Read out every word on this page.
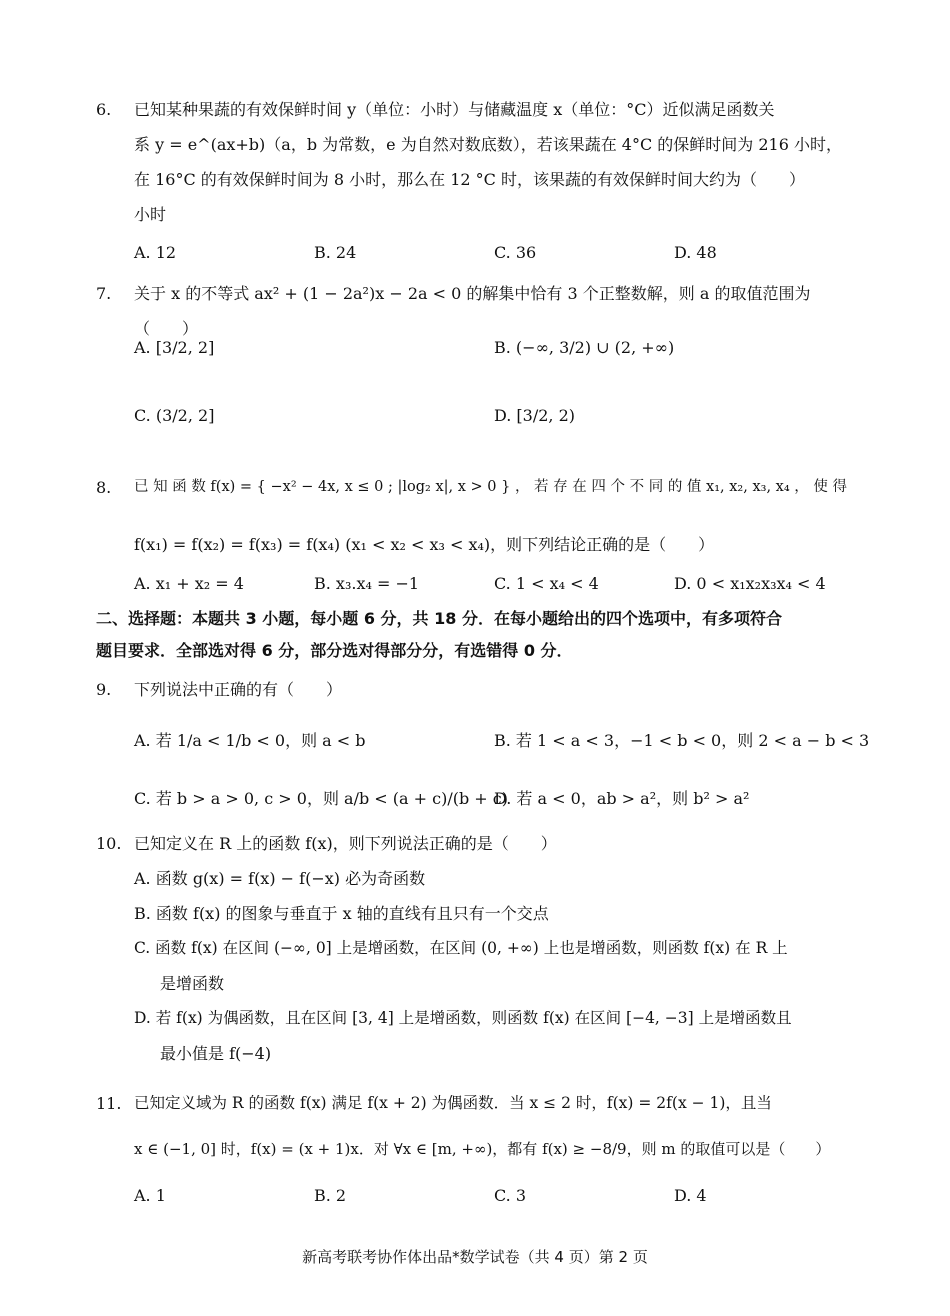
6.	已知某种果蔬的有效保鲜时间 y（单位：小时）与储藏温度 x（单位：°C）近似满足函数关
系 y = e^(ax+b)（a，b 为常数，e 为自然对数底数），若该果蔬在 4°C 的保鲜时间为 216 小时，
在 16°C 的有效保鲜时间为 8 小时，那么在 12 °C 时，该果蔬的有效保鲜时间大约为（　　）
小时
A. 12	B. 24	C. 36	D. 48
7.	关于 x 的不等式 ax² + (1 − 2a²)x − 2a < 0 的解集中恰有 3 个正整数解，则 a 的取值范围为（　　）
A. [3/2, 2]	B. (−∞, 3/2) ∪ (2, +∞)
C. (3/2, 2]	D. [3/2, 2)
8.	已 知 函 数 f(x) = { −x² − 4x, x ≤ 0 ; |log₂ x|, x > 0 } ， 若 存 在 四 个 不 同 的 值 x₁, x₂, x₃, x₄ ， 使 得
f(x₁) = f(x₂) = f(x₃) = f(x₄) (x₁ < x₂ < x₃ < x₄)，则下列结论正确的是（　　）
A. x₁ + x₂ = 4	B. x₃.x₄ = −1	C. 1 < x₄ < 4	D. 0 < x₁x₂x₃x₄ < 4
二、选择题：本题共 3 小题，每小题 6 分，共 18 分．在每小题给出的四个选项中，有多项符合
题目要求．全部选对得 6 分，部分选对得部分分，有选错得 0 分．
9.	下列说法中正确的有（　　）
A. 若 1/a < 1/b < 0，则 a < b	B. 若 1 < a < 3，−1 < b < 0，则 2 < a − b < 3
C. 若 b > a > 0, c > 0，则 a/b < (a + c)/(b + c)
D. 若 a < 0，ab > a²，则 b² > a²
10. 已知定义在 R 上的函数 f(x)，则下列说法正确的是（　　）
A. 函数 g(x) = f(x) − f(−x) 必为奇函数
B. 函数 f(x) 的图象与垂直于 x 轴的直线有且只有一个交点
C. 函数 f(x) 在区间 (−∞, 0] 上是增函数，在区间 (0, +∞) 上也是增函数，则函数 f(x) 在 R 上
是增函数
D. 若 f(x) 为偶函数，且在区间 [3, 4] 上是增函数，则函数 f(x) 在区间 [−4, −3] 上是增函数且
最小值是 f(−4)
11. 已知定义域为 R 的函数 f(x) 满足 f(x + 2) 为偶函数．当 x ≤ 2 时，f(x) = 2f(x − 1)，且当
x ∈ (−1, 0] 时，f(x) = (x + 1)x．对 ∀x ∈ [m, +∞)，都有 f(x) ≥ −8/9，则 m 的取值可以是（　　）
A. 1	B. 2	C. 3	D. 4
新高考联考协作体出品*数学试卷（共 4 页）第 2 页
